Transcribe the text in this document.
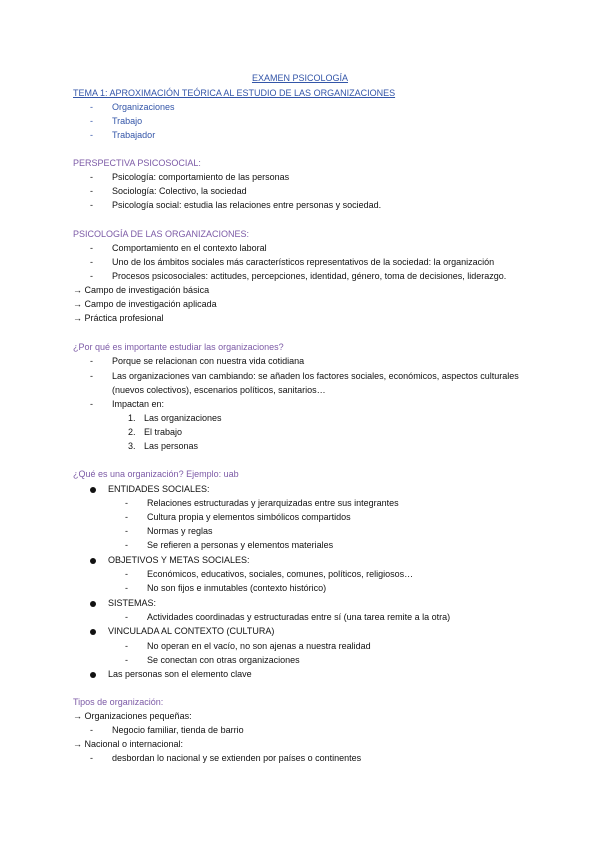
EXAMEN PSICOLOGÍA
TEMA 1: APROXIMACIÓN TEÓRICA AL ESTUDIO DE LAS ORGANIZACIONES
- Organizaciones
- Trabajo
- Trabajador
PERSPECTIVA PSICOSOCIAL:
- Psicología: comportamiento de las personas
- Sociología: Colectivo, la sociedad
- Psicología social: estudia las relaciones entre personas y sociedad.
PSICOLOGÍA DE LAS ORGANIZACIONES:
- Comportamiento en el contexto laboral
- Uno de los ámbitos sociales más característicos representativos de la sociedad: la organización
- Procesos psicosociales: actitudes, percepciones, identidad, género, toma de decisiones, liderazgo.
→ Campo de investigación básica
→ Campo de investigación aplicada
→ Práctica profesional
¿Por qué es importante estudiar las organizaciones?
- Porque se relacionan con nuestra vida cotidiana
- Las organizaciones van cambiando: se añaden los factores sociales, económicos, aspectos culturales
(nuevos colectivos), escenarios políticos, sanitarios…
- Impactan en:
1. Las organizaciones
2. El trabajo
3. Las personas
¿Qué es una organización? Ejemplo: uab
ENTIDADES SOCIALES:
- Relaciones estructuradas y jerarquizadas entre sus integrantes
- Cultura propia y elementos simbólicos compartidos
- Normas y reglas
- Se refieren a personas y elementos materiales
OBJETIVOS Y METAS SOCIALES:
- Económicos, educativos, sociales, comunes, políticos, religiosos…
- No son fijos e inmutables (contexto histórico)
SISTEMAS:
- Actividades coordinadas y estructuradas entre sí (una tarea remite a la otra)
VINCULADA AL CONTEXTO (CULTURA)
- No operan en el vacío, no son ajenas a nuestra realidad
- Se conectan con otras organizaciones
Las personas son el elemento clave
Tipos de organización:
→ Organizaciones pequeñas:
- Negocio familiar, tienda de barrio
→ Nacional o internacional:
- desbordan lo nacional y se extienden por países o continentes
